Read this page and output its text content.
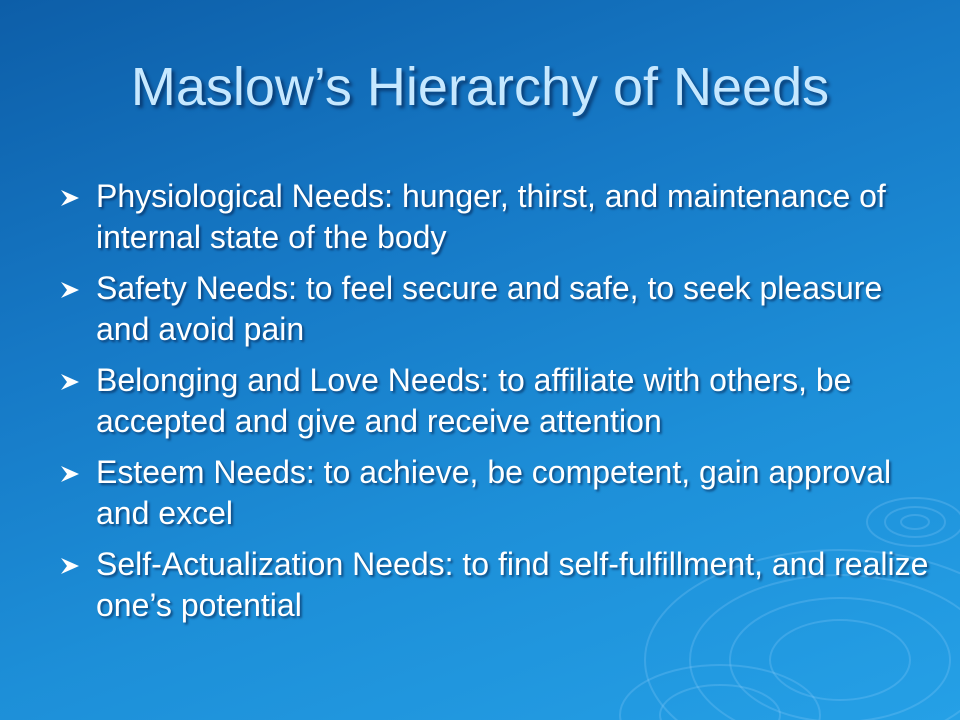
Maslow’s Hierarchy of Needs
Physiological Needs: hunger, thirst, and maintenance of internal state of the body
Safety Needs: to feel secure and safe, to seek pleasure and avoid pain
Belonging and Love Needs: to affiliate with others, be accepted and give and receive attention
Esteem Needs: to achieve, be competent, gain approval and excel
Self-Actualization Needs: to find self-fulfillment, and realize one’s potential
